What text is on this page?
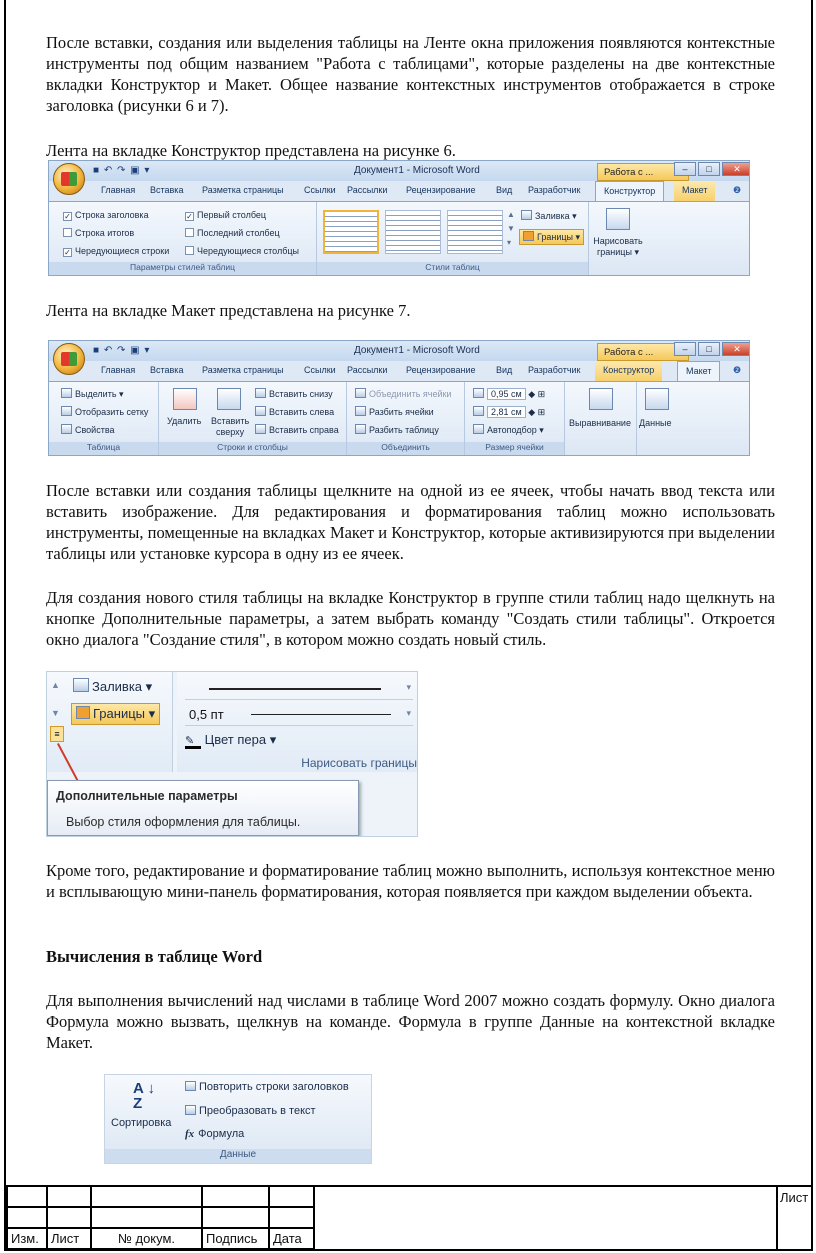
После вставки, создания или выделения таблицы на Ленте окна приложения появляются контекстные инструменты под общим названием "Работа с таблицами", которые разделены на две контекстные вкладки Конструктор и Макет. Общее название контекстных инструментов отображается в строке заголовка (рисунки 6 и 7).
Лента на вкладке Конструктор представлена на рисунке 6.
■ ↶ ↷ ▣ ▾	Документ1 - Microsoft Word	Работа с ...	–	□	✕
Главная Вставка Разметка страницы Ссылки Рассылки Рецензирование Вид Разработчик	Конструктор	Макет	❷
✓ Строка заголовка
Строка итогов
✓ Чередующиеся строки
✓ Первый столбец
Последний столбец
Чередующиеся столбцы
Параметры стилей таблиц
▲
▼
▾
Заливка ▾
Границы ▾
Стили таблиц
Нарисовать
границы ▾
Лента на вкладке Макет представлена на рисунке 7.
■ ↶ ↷ ▣ ▾	Документ1 - Microsoft Word	Работа с ...	–	□	✕
Главная Вставка Разметка страницы Ссылки Рассылки Рецензирование Вид Разработчик	Конструктор	Макет	❷
Выделить ▾
Отобразить сетку
Свойства
Таблица
Удалить Вставить
сверху
Вставить снизу
Вставить слева
Вставить справа
Строки и столбцы
Объединить ячейки
Разбить ячейки
Разбить таблицу
Объединить
0,95 см ◆ ⊞
2,81 см ◆ ⊞
Автоподбор ▾
Размер ячейки
Выравнивание Данные
После вставки или создания таблицы щелкните на одной из ее ячеек, чтобы начать ввод текста или вставить изображение. Для редактирования и форматирования таблиц можно использовать инструменты, помещенные на вкладках Макет и Конструктор, которые активизируются при выделении таблицы или установке курсора в одну из ее ячеек.
Для создания нового стиля таблицы на вкладке Конструктор в группе стили таблиц надо щелкнуть на кнопке Дополнительные параметры, а затем выбрать команду "Создать стили таблицы". Откроется окно диалога "Создание стиля", в котором можно создать новый стиль.
▲
▼
≡
Заливка ▾
Границы ▾
▾
0,5 пт	▾
✎ Цвет пера ▾
Нарисовать границы
Дополнительные параметры
Выбор стиля оформления для таблицы.
Кроме того, редактирование и форматирование таблиц можно выполнить, используя контекстное меню и всплывающую мини-панель форматирования, которая появляется при каждом выделении объекта.
Вычисления в таблице Word
Для выполнения вычислений над числами в таблице Word 2007 можно создать формулу. Окно диалога Формула можно вызвать, щелкнув на команде. Формула в группе Данные на контекстной вкладке Макет.
A ↓
Z
Сортировка
Повторить строки заголовков
Преобразовать в текст
fx Формула
Данные

Изм.	Лист	№ докум.	Подпись	Дата
Лист
